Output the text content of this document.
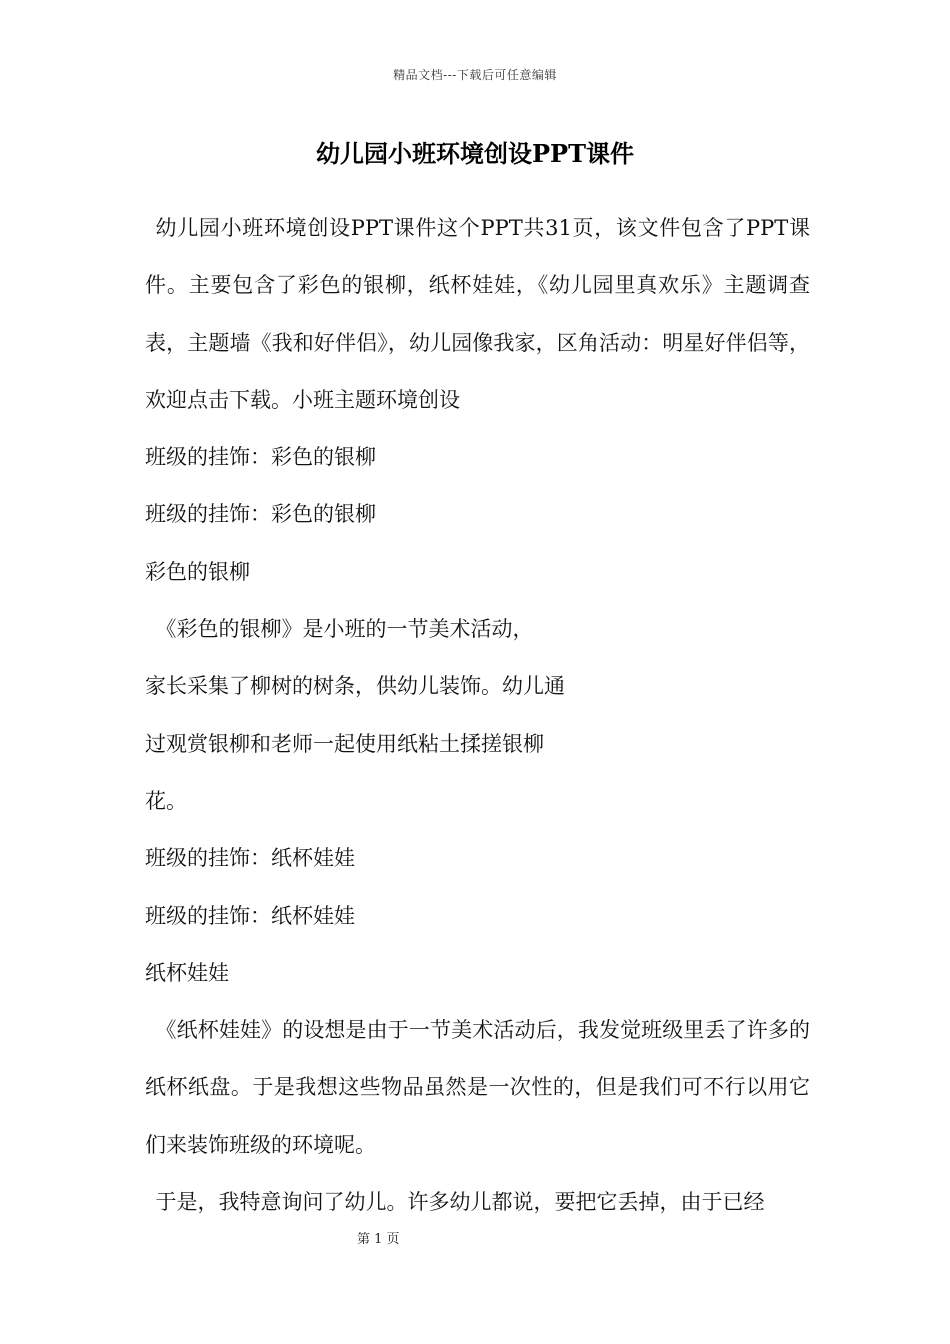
精品文档---下载后可任意编辑
幼儿园小班环境创设PPT课件

幼儿园小班环境创设PPT课件这个PPT共31页，该文件包含了PPT课件。主要包含了彩色的银柳，纸杯娃娃，《幼儿园里真欢乐》主题调查表，主题墙《我和好伴侣》，幼儿园像我家，区角活动：明星好伴侣等，欢迎点击下载。小班主题环境创设

班级的挂饰：彩色的银柳

班级的挂饰：彩色的银柳

彩色的银柳

《彩色的银柳》是小班的一节美术活动，

家长采集了柳树的树条，供幼儿装饰。幼儿通

过观赏银柳和老师一起使用纸粘土揉搓银柳

花。

班级的挂饰：纸杯娃娃

班级的挂饰：纸杯娃娃

纸杯娃娃

《纸杯娃娃》的设想是由于一节美术活动后，我发觉班级里丢了许多的纸杯纸盘。于是我想这些物品虽然是一次性的，但是我们可不行以用它们来装饰班级的环境呢。

于是，我特意询问了幼儿。许多幼儿都说，要把它丢掉，由于已经

第 1 页
